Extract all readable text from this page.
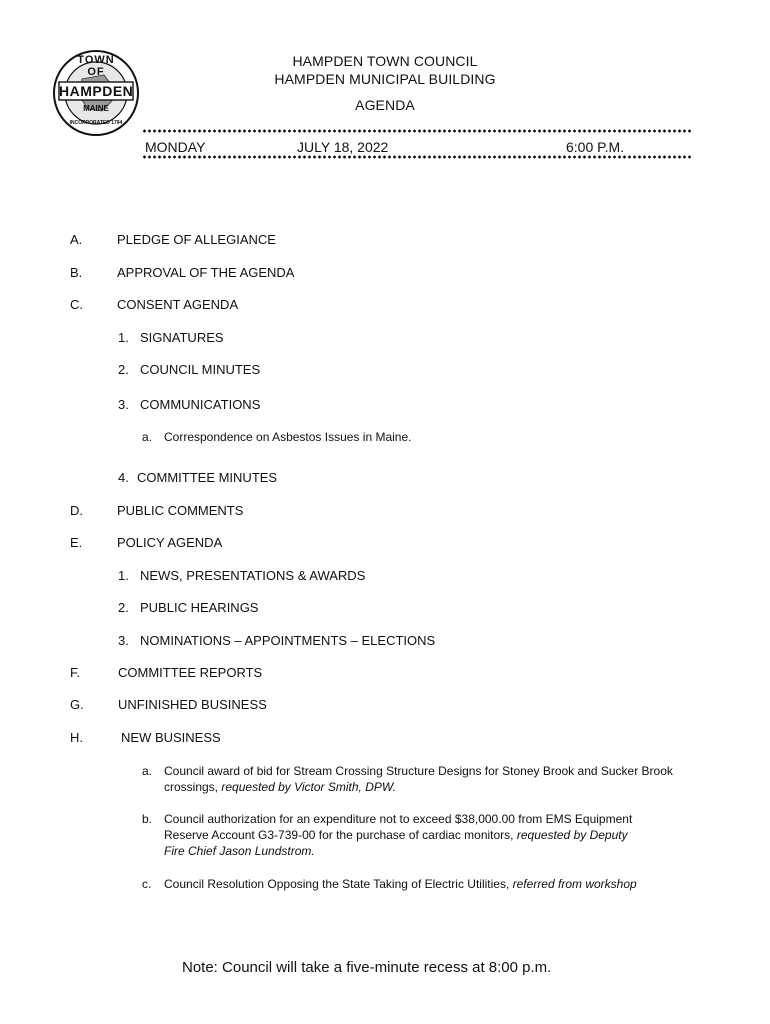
TOWN OF
HAMPDEN
MAINE
INCORPORATED 1794
HAMPDEN TOWN COUNCIL
HAMPDEN MUNICIPAL BUILDING
AGENDA
MONDAY	JULY 18, 2022	6:00 P.M.
A.	PLEDGE OF ALLEGIANCE
B.	APPROVAL OF THE AGENDA
C.	CONSENT AGENDA
1. SIGNATURES
2. COUNCIL MINUTES
3. COMMUNICATIONS
a. Correspondence on Asbestos Issues in Maine.
4. COMMITTEE MINUTES
D.	PUBLIC COMMENTS
E.	POLICY AGENDA
1. NEWS, PRESENTATIONS & AWARDS
2. PUBLIC HEARINGS
3. NOMINATIONS – APPOINTMENTS – ELECTIONS
F.	COMMITTEE REPORTS
G.	UNFINISHED BUSINESS
H.	NEW BUSINESS
a. Council award of bid for Stream Crossing Structure Designs for Stoney Brook and Sucker Brook crossings, requested by Victor Smith, DPW.
b. Council authorization for an expenditure not to exceed $38,000.00 from EMS Equipment Reserve Account G3-739-00 for the purchase of cardiac monitors, requested by Deputy Fire Chief Jason Lundstrom.
c. Council Resolution Opposing the State Taking of Electric Utilities, referred from workshop
Note: Council will take a five-minute recess at 8:00 p.m.
